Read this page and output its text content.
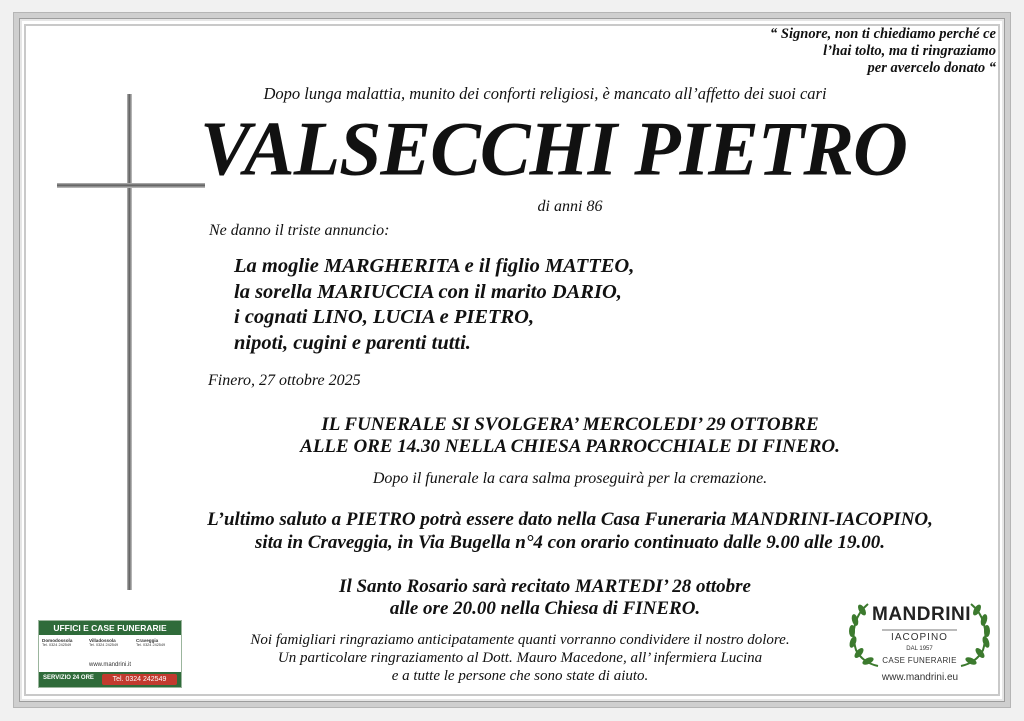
“ Signore, non ti chiediamo perché ce
l’hai tolto, ma ti ringraziamo
per avercelo donato “
Dopo lunga malattia, munito dei conforti religiosi, è mancato all’affetto dei suoi cari
VALSECCHI PIETRO
di anni 86
Ne danno il triste annuncio:
La moglie MARGHERITA e il figlio MATTEO,
la sorella MARIUCCIA con il marito DARIO,
i cognati LINO, LUCIA e PIETRO,
nipoti, cugini e parenti tutti.
Finero, 27 ottobre 2025
IL FUNERALE SI SVOLGERA’ MERCOLEDI’ 29 OTTOBRE
ALLE ORE 14.30 NELLA CHIESA PARROCCHIALE DI FINERO.
Dopo il funerale la cara salma proseguirà per la cremazione.
L’ultimo saluto a PIETRO potrà essere dato nella Casa Funeraria MANDRINI-IACOPINO,
sita in Craveggia, in Via Bugella n°4 con orario continuato dalle 9.00 alle 19.00.
Il Santo Rosario sarà recitato MARTEDI’ 28 ottobre
alle ore 20.00 nella Chiesa di FINERO.
Noi famigliari ringraziamo anticipatamente quanti vorranno condividere il nostro dolore.
Un particolare ringraziamento al Dott. Mauro Macedone, all’ infermiera Lucina
e a tutte le persone che sono state di aiuto.
UFFICI E CASE FUNERARIE
Domodossola
Tel. 0324 242549
Villadossola
Tel. 0324 242549
Craveggia
Tel. 0324 242549
www.mandrini.it
SERVIZIO 24 ORE	Tel. 0324 242549
MANDRINI
IACOPINO
DAL 1957
CASE FUNERARIE
www.mandrini.eu
